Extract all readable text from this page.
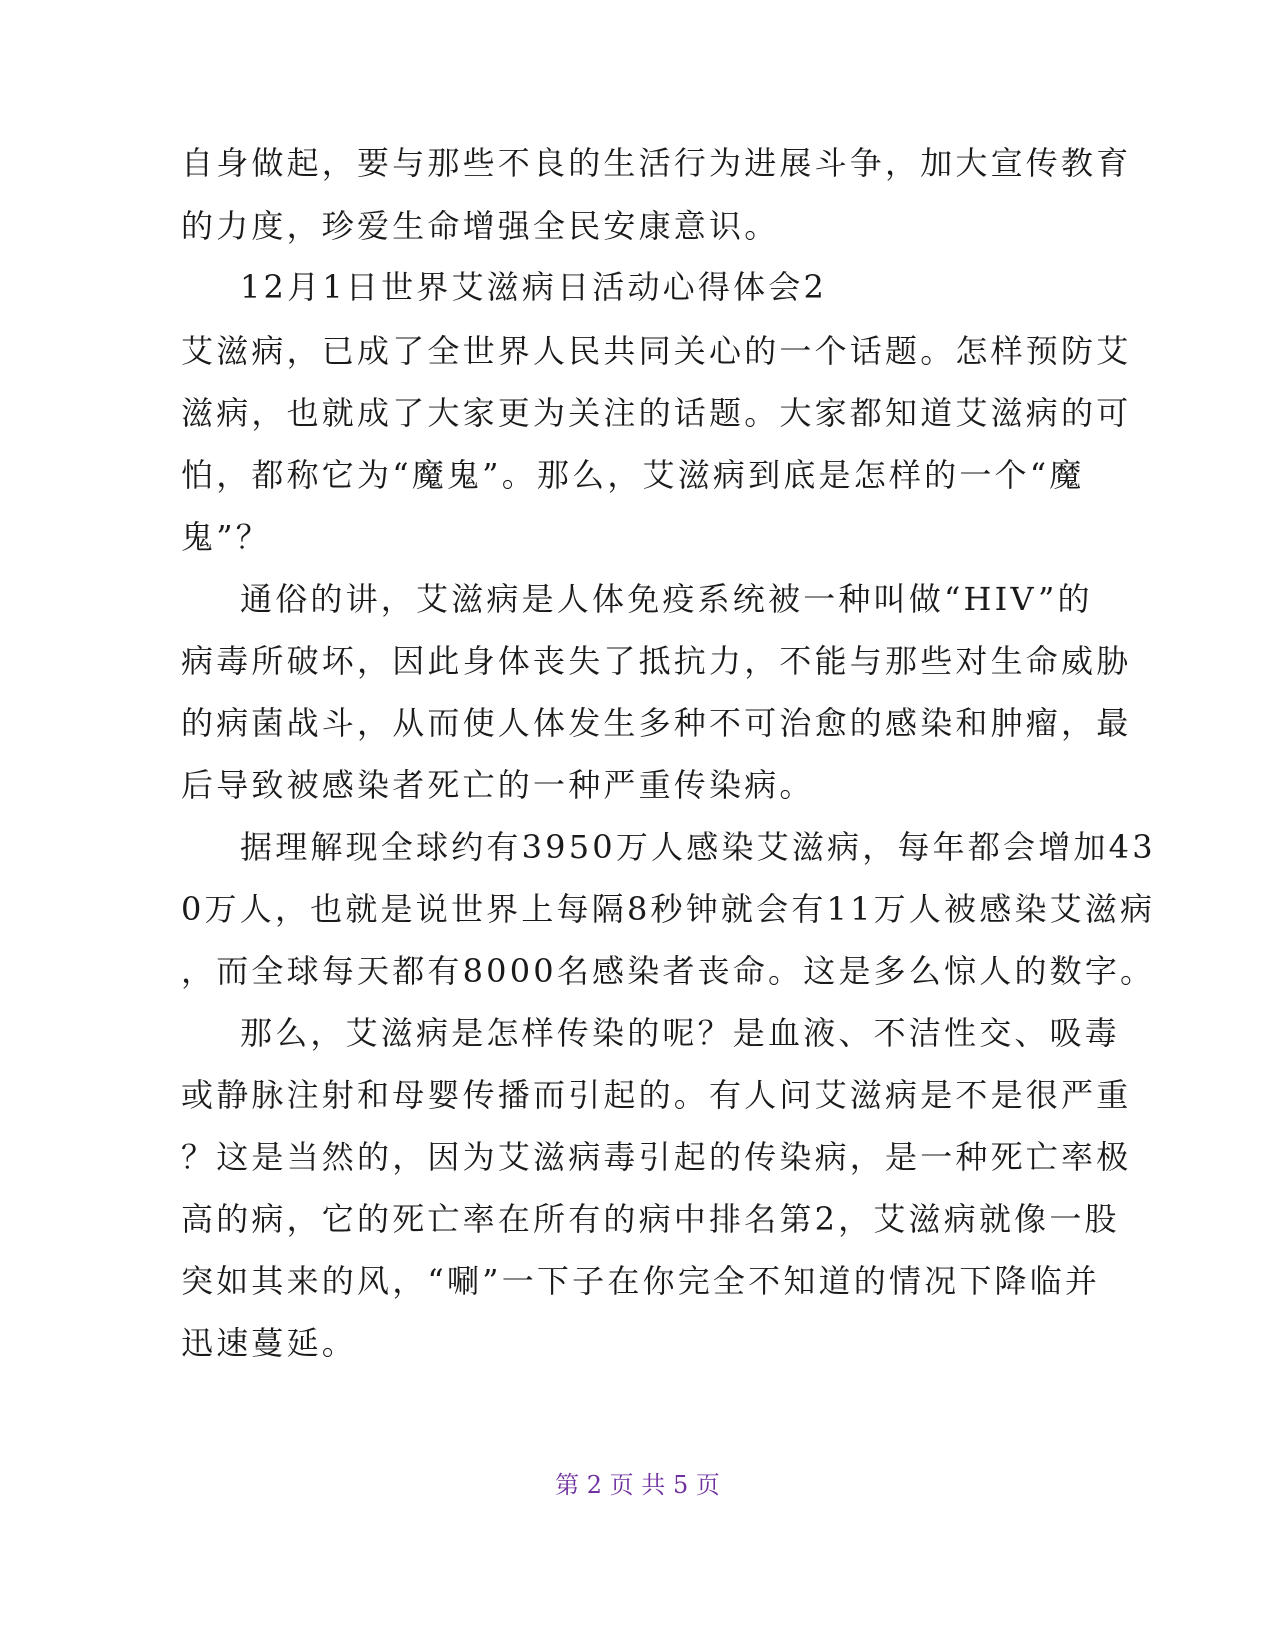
自身做起，要与那些不良的生活行为进展斗争，加大宣传教育
的力度，珍爱生命增强全民安康意识。
12月1日世界艾滋病日活动心得体会2
艾滋病，已成了全世界人民共同关心的一个话题。怎样预防艾
滋病，也就成了大家更为关注的话题。大家都知道艾滋病的可
怕，都称它为“魔鬼”。那么，艾滋病到底是怎样的一个“魔
鬼”？
通俗的讲，艾滋病是人体免疫系统被一种叫做“HIV”的
病毒所破坏，因此身体丧失了抵抗力，不能与那些对生命威胁
的病菌战斗，从而使人体发生多种不可治愈的感染和肿瘤，最
后导致被感染者死亡的一种严重传染病。
据理解现全球约有3950万人感染艾滋病，每年都会增加43
0万人，也就是说世界上每隔8秒钟就会有11万人被感染艾滋病
，而全球每天都有8000名感染者丧命。这是多么惊人的数字。
那么，艾滋病是怎样传染的呢？是血液、不洁性交、吸毒
或静脉注射和母婴传播而引起的。有人问艾滋病是不是很严重
？这是当然的，因为艾滋病毒引起的传染病，是一种死亡率极
高的病，它的死亡率在所有的病中排名第2，艾滋病就像一股
突如其来的风，“唰”一下子在你完全不知道的情况下降临并
迅速蔓延。
第 2 页 共 5 页
